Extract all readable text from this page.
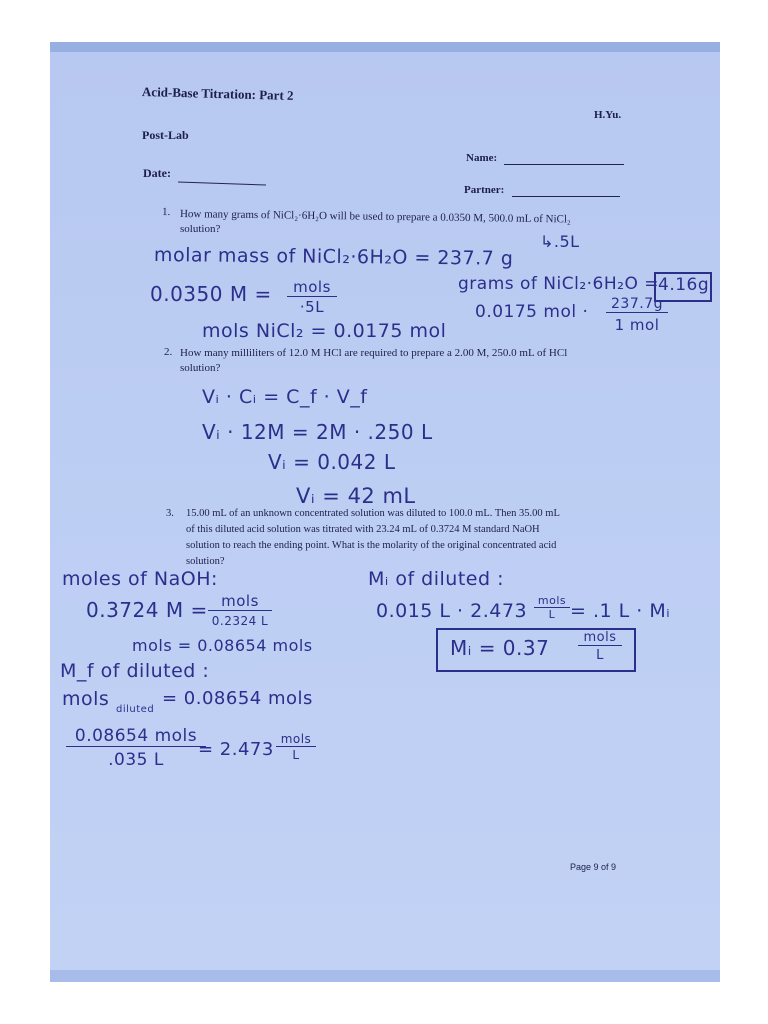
Acid-Base Titration: Part 2
H.Yu.
Post-Lab
Name:
Date:
Partner:
1. How many grams of NiCl₂·6H₂O will be used to prepare a 0.0350 M, 500.0 mL of NiCl₂
solution?
↳.5L
molar mass of NiCl₂·6H₂O = 237.7 g
0.0350 M =	mols
·5L
grams of NiCl₂·6H₂O =
4.16g
0.0175 mol ·	237.7g
1 mol
mols NiCl₂ = 0.0175 mol
2. How many milliliters of 12.0 M HCl are required to prepare a 2.00 M, 250.0 mL of HCl
solution?
Vᵢ · Cᵢ = C_f · V_f
Vᵢ · 12M = 2M · .250 L
Vᵢ = 0.042 L
Vᵢ = 42 mL
3. 15.00 mL of an unknown concentrated solution was diluted to 100.0 mL. Then 35.00 mL
of this diluted acid solution was titrated with 23.24 mL of 0.3724 M standard NaOH
solution to reach the ending point. What is the molarity of the original concentrated acid
solution?
moles of NaOH:
0.3724 M = mols
0.2324 L
mols = 0.08654 mols
M_f of diluted :
mols diluted
= 0.08654 mols
0.08654 mols
.035 L	= 2.473 mols
L
Mᵢ of diluted :
0.015 L · 2.473 mols
L = .1 L · Mᵢ
Mᵢ = 0.37	mols
L
Page 9 of 9
